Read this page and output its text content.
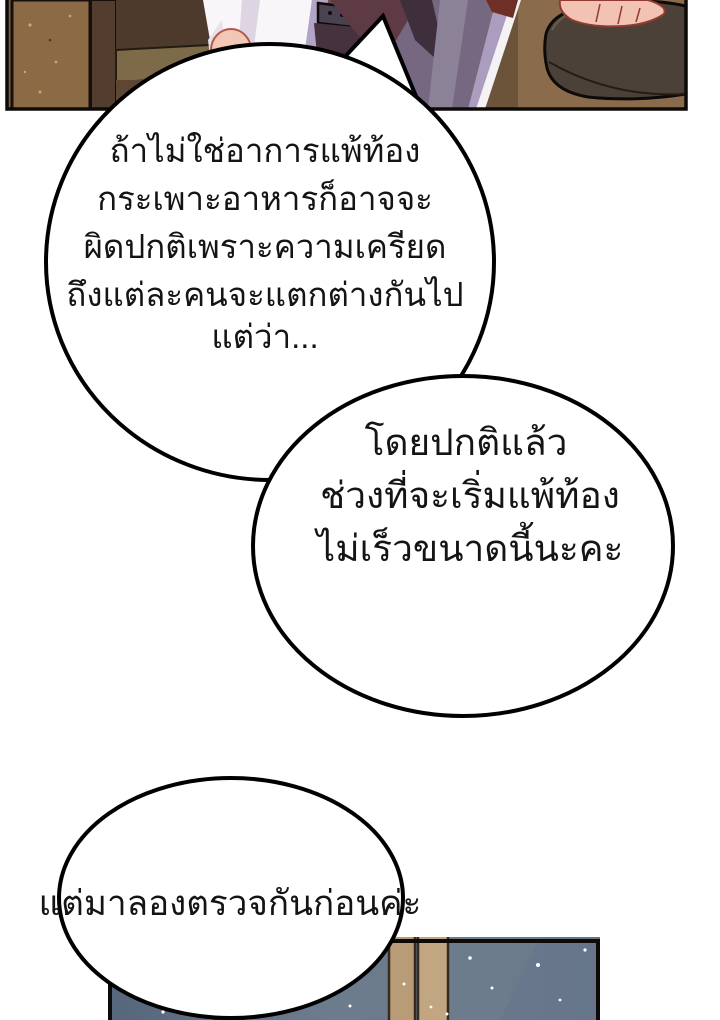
แต่มาลองตรวจกันก่อนค่ะ
ถ้าไม่ใช่อาการแพ้ท้อง
กระเพาะอาหารก็อาจจะ
ผิดปกติเพราะความเครียด
ถึงแต่ละคนจะแตกต่างกันไป
แต่ว่า...
โดยปกติแล้ว
ช่วงที่จะเริ่มแพ้ท้อง
ไม่เร็วขนาดนี้นะคะ
